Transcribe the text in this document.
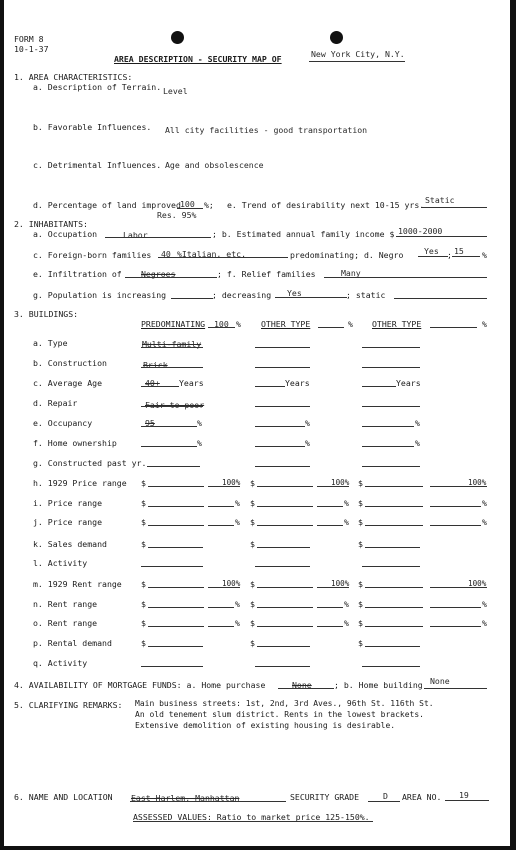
FORM 8
10-1-37
AREA DESCRIPTION - SECURITY MAP OF	New York City, N.Y.
1. AREA CHARACTERISTICS:
a. Description of Terrain. Level
b. Favorable Influences. All city facilities - good transportation
c. Detrimental Influences. Age and obsolescence
d. Percentage of land improved 100 %; e. Trend of desirability next 10-15 yrs. Static
Res. 95%
2. INHABITANTS:
a. Occupation	Labor	; b. Estimated annual family income $ 1000-2000
c. Foreign-born families 40 %Italian, etc.	predominating; d. Negro	Yes ; 15 %
e. Infiltration of Negroes	; f. Relief families	Many
g. Population is increasing	; decreasing Yes	; static
3. BUILDINGS:
PREDOMINATING 100 % OTHER TYPE	% OTHER TYPE	%
a. Type	Multi-family
b. Construction	Brick
c. Average Age	40+ Years	Years	Years
d. Repair	Fair to poor
e. Occupancy	95	%	%	%
f. Home ownership	%	%	%
g. Constructed past yr.
h. 1929 Price range $	100% $	100% $	100%
i. Price range	$	% $	% $	%
j. Price range	$	% $	% $	%
k. Sales demand	$	$	$
l. Activity
m. 1929 Rent range $	100% $	100% $	100%
n. Rent range	$	% $	% $	%
o. Rent range	$	% $	% $	%
p. Rental demand	$	$	$
q. Activity
4. AVAILABILITY OF MORTGAGE FUNDS: a. Home purchase	None	; b. Home building None
5. CLARIFYING REMARKS: Main business streets: 1st, 2nd, 3rd Aves., 96th St. 116th St.
An old tenement slum district. Rents in the lowest brackets.
Extensive demolition of existing housing is desirable.
6. NAME AND LOCATION East Harlem, Manhattan	SECURITY GRADE	D AREA NO. 19
ASSESSED VALUES: Ratio to market price 125-150%.
